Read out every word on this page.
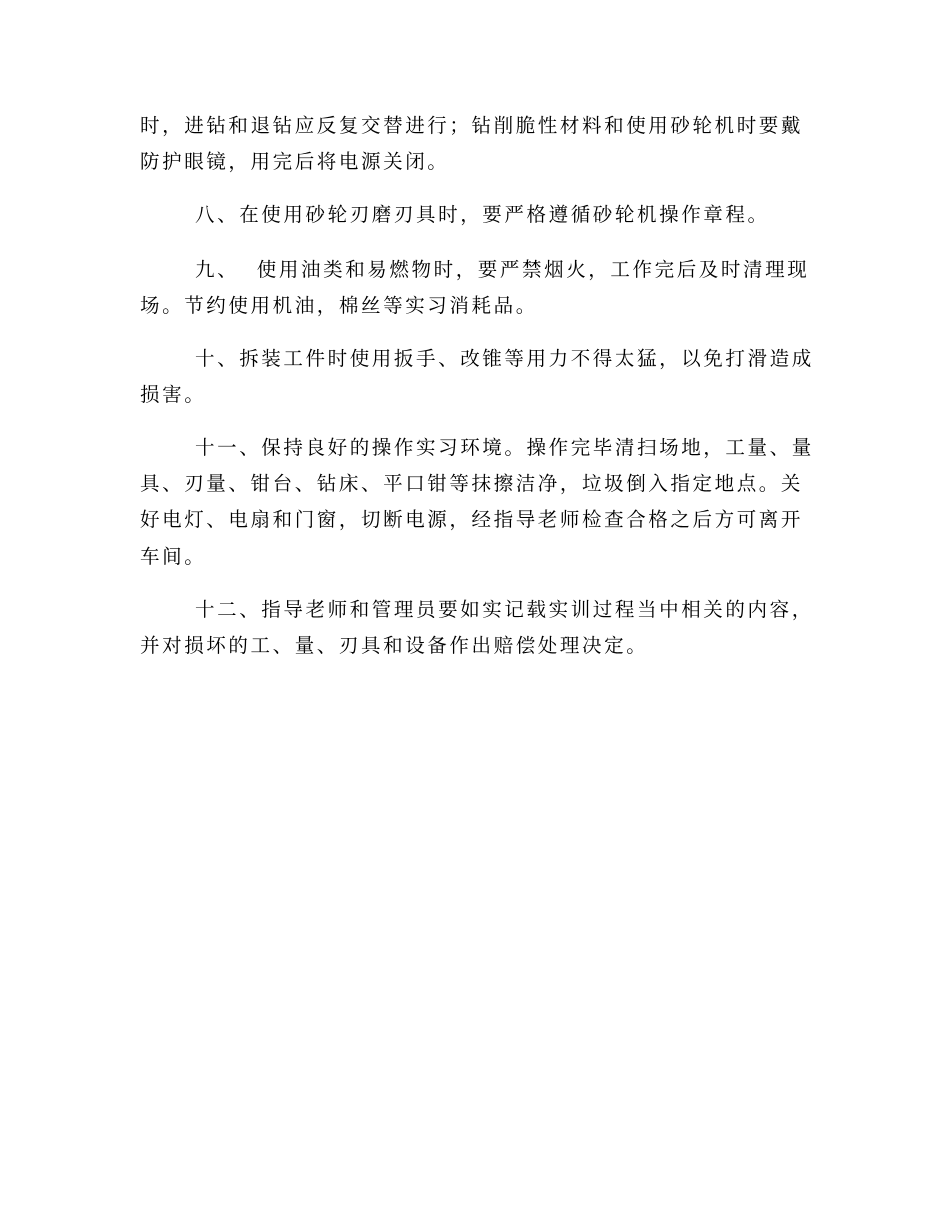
时，进钻和退钻应反复交替进行；钻削脆性材料和使用砂轮机时要戴

防护眼镜，用完后将电源关闭。

八、在使用砂轮刃磨刃具时，要严格遵循砂轮机操作章程。

九、  使用油类和易燃物时，要严禁烟火，工作完后及时清理现

场。节约使用机油，棉丝等实习消耗品。

十、拆装工件时使用扳手、改锥等用力不得太猛，以免打滑造成

损害。

十一、保持良好的操作实习环境。操作完毕清扫场地，工量、量

具、刃量、钳台、钻床、平口钳等抹擦洁净，垃圾倒入指定地点。关

好电灯、电扇和门窗，切断电源，经指导老师检查合格之后方可离开

车间。

十二、指导老师和管理员要如实记载实训过程当中相关的内容，

并对损坏的工、量、刃具和设备作出赔偿处理决定。
